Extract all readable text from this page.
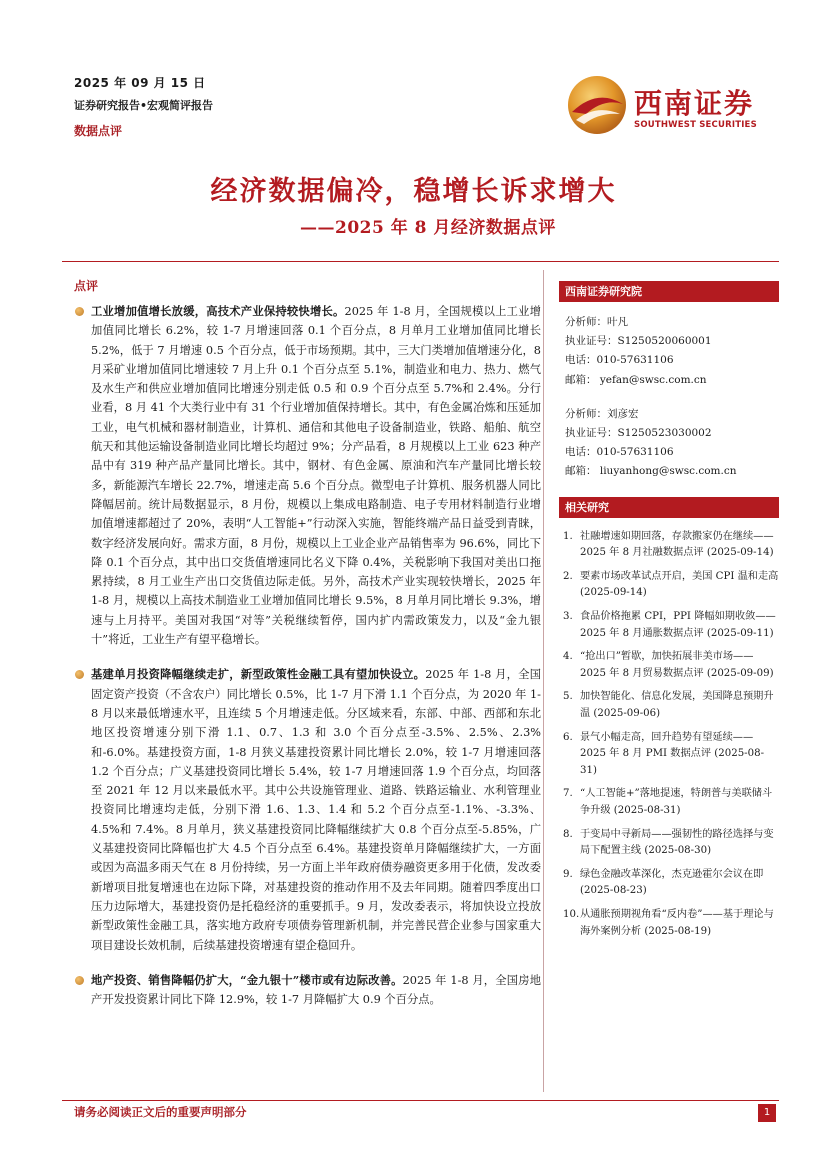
2025 年 09 月 15 日
证券研究报告•宏观简评报告
数据点评
西南证券
SOUTHWEST SECURITIES
经济数据偏冷，稳增长诉求增大
——2025 年 8 月经济数据点评
点评
工业增加值增长放缓，高技术产业保持较快增长。2025 年 1-8 月，全国规模以上工业增加值同比增长 6.2%，较 1-7 月增速回落 0.1 个百分点，8 月单月工业增加值同比增长 5.2%，低于 7 月增速 0.5 个百分点，低于市场预期。其中，三大门类增加值增速分化，8 月采矿业增加值同比增速较 7 月上升 0.1 个百分点至 5.1%，制造业和电力、热力、燃气及水生产和供应业增加值同比增速分别走低 0.5 和 0.9 个百分点至 5.7%和 2.4%。分行业看，8 月 41 个大类行业中有 31 个行业增加值保持增长。其中，有色金属冶炼和压延加工业，电气机械和器材制造业，计算机、通信和其他电子设备制造业，铁路、船舶、航空航天和其他运输设备制造业同比增长均超过 9%；分产品看，8 月规模以上工业 623 种产品中有 319 种产品产量同比增长。其中，钢材、有色金属、原油和汽车产量同比增长较多，新能源汽车增长 22.7%，增速走高 5.6 个百分点。微型电子计算机、服务机器人同比降幅居前。统计局数据显示，8 月份，规模以上集成电路制造、电子专用材料制造行业增加值增速都超过了 20%，表明“人工智能+”行动深入实施，智能终端产品日益受到青睐，数字经济发展向好。需求方面，8 月份，规模以上工业企业产品销售率为 96.6%，同比下降 0.1 个百分点，其中出口交货值增速同比名义下降 0.4%，关税影响下我国对美出口拖累持续，8 月工业生产出口交货值边际走低。另外，高技术产业实现较快增长，2025 年 1-8 月，规模以上高技术制造业工业增加值同比增长 9.5%，8 月单月同比增长 9.3%，增速与上月持平。美国对我国“对等”关税继续暂停，国内扩内需政策发力，以及“金九银十”将近，工业生产有望平稳增长。
基建单月投资降幅继续走扩，新型政策性金融工具有望加快设立。2025 年 1-8 月，全国固定资产投资（不含农户）同比增长 0.5%，比 1-7 月下滑 1.1 个百分点，为 2020 年 1-8 月以来最低增速水平，且连续 5 个月增速走低。分区域来看，东部、中部、西部和东北地区投资增速分别下滑 1.1、0.7、1.3 和 3.0 个百分点至-3.5%、2.5%、2.3%和-6.0%。基建投资方面，1-8 月狭义基建投资累计同比增长 2.0%，较 1-7 月增速回落 1.2 个百分点；广义基建投资同比增长 5.4%，较 1-7 月增速回落 1.9 个百分点，均回落至 2021 年 12 月以来最低水平。其中公共设施管理业、道路、铁路运输业、水利管理业投资同比增速均走低，分别下滑 1.6、1.3、1.4 和 5.2 个百分点至-1.1%、-3.3%、4.5%和 7.4%。8 月单月，狭义基建投资同比降幅继续扩大 0.8 个百分点至-5.85%，广义基建投资同比降幅也扩大 4.5 个百分点至 6.4%。基建投资单月降幅继续扩大，一方面或因为高温多雨天气在 8 月份持续，另一方面上半年政府债券融资更多用于化债，发改委新增项目批复增速也在边际下降，对基建投资的推动作用不及去年同期。随着四季度出口压力边际增大，基建投资仍是托稳经济的重要抓手。9 月，发改委表示，将加快设立投放新型政策性金融工具，落实地方政府专项债券管理新机制，并完善民营企业参与国家重大项目建设长效机制，后续基建投资增速有望企稳回升。
地产投资、销售降幅仍扩大，“金九银十”楼市或有边际改善。2025 年 1-8 月，全国房地产开发投资累计同比下降 12.9%，较 1-7 月降幅扩大 0.9 个百分点。
西南证券研究院
分析师：叶凡
执业证号：S1250520060001
电话：010-57631106
邮箱： yefan@swsc.com.cn
分析师：刘彦宏
执业证号：S1250523030002
电话：010-57631106
邮箱： liuyanhong@swsc.com.cn
相关研究
1. 社融增速如期回落，存款搬家仍在继续——2025 年 8 月社融数据点评 (2025-09-14)
2. 要素市场改革试点开启，美国 CPI 温和走高 (2025-09-14)
3. 食品价格拖累 CPI，PPI 降幅如期收敛——2025 年 8 月通胀数据点评 (2025-09-11)
4. “抢出口”暂歇，加快拓展非美市场——2025 年 8 月贸易数据点评 (2025-09-09)
5. 加快智能化、信息化发展，美国降息预期升温 (2025-09-06)
6. 景气小幅走高，回升趋势有望延续——2025 年 8 月 PMI 数据点评 (2025-08-31)
7. “人工智能+”落地提速，特朗普与美联储斗争升级 (2025-08-31)
8. 于变局中寻新局——强韧性的路径选择与变局下配置主线 (2025-08-30)
9. 绿色金融改革深化，杰克逊霍尔会议在即 (2025-08-23)
10. 从通胀预期视角看“反内卷”——基于理论与海外案例分析 (2025-08-19)
请务必阅读正文后的重要声明部分	1
